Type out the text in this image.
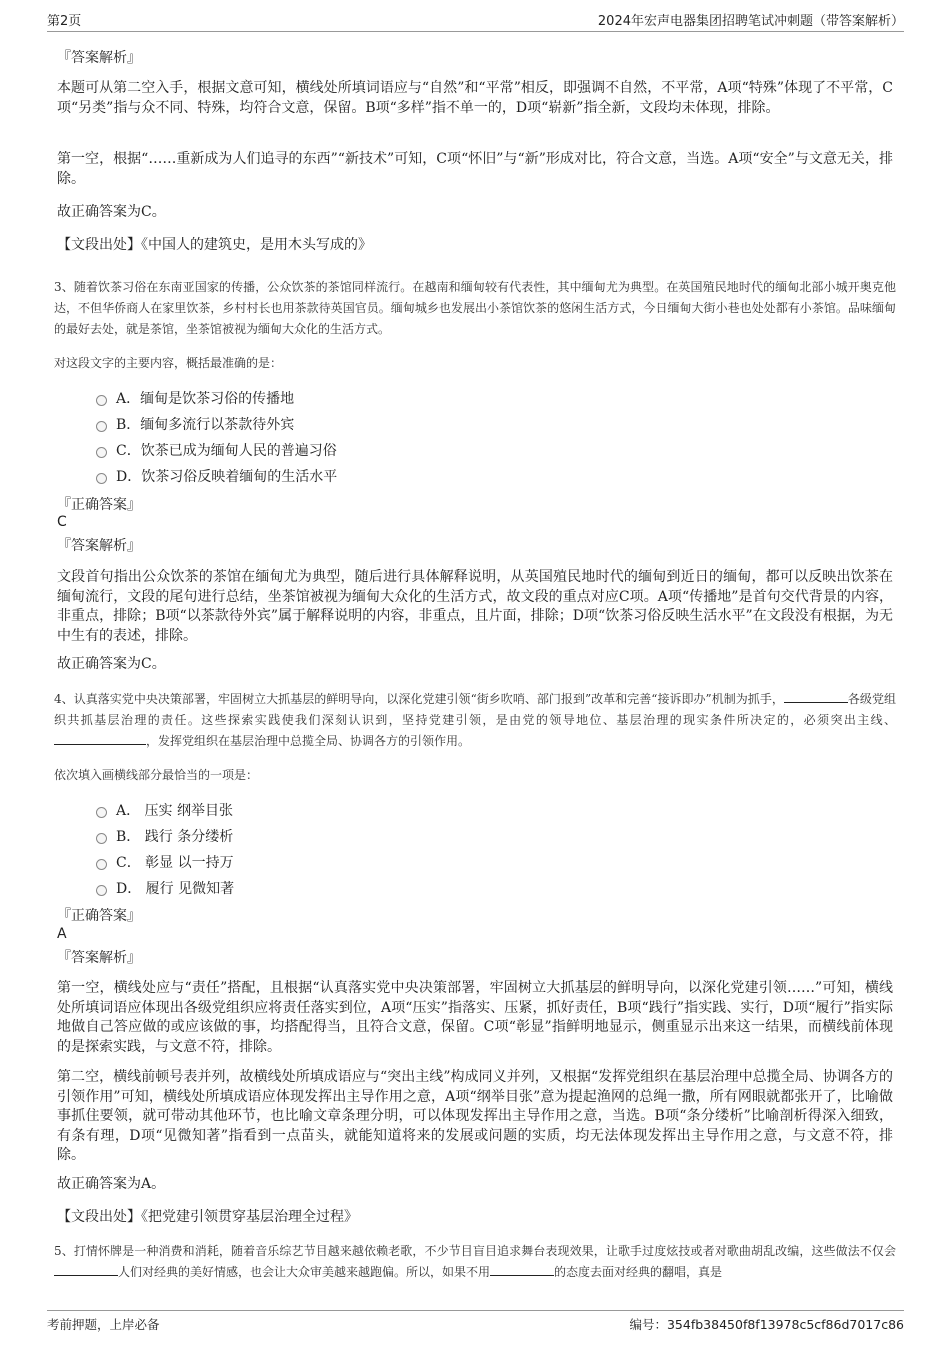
第2页	2024年宏声电器集团招聘笔试冲刺题（带答案解析）
『答案解析』
本题可从第二空入手，根据文意可知，横线处所填词语应与“自然”和“平常”相反，即强调不自然，不平常，A项“特殊”体现了不平常，C项“另类”指与众不同、特殊，均符合文意，保留。B项“多样”指不单一的，D项“崭新”指全新，文段均未体现，排除。
第一空，根据“……重新成为人们追寻的东西”“新技术”可知，C项“怀旧”与“新”形成对比，符合文意，当选。A项“安全”与文意无关，排除。
故正确答案为C。
【文段出处】《中国人的建筑史，是用木头写成的》
3、随着饮茶习俗在东南亚国家的传播，公众饮茶的茶馆同样流行。在越南和缅甸较有代表性，其中缅甸尤为典型。在英国殖民地时代的缅甸北部小城开奥克他达，不但华侨商人在家里饮茶，乡村村长也用茶款待英国官员。缅甸城乡也发展出小茶馆饮茶的悠闲生活方式，今日缅甸大街小巷也处处都有小茶馆。品味缅甸的最好去处，就是茶馆，坐茶馆被视为缅甸大众化的生活方式。
对这段文字的主要内容，概括最准确的是：
A．缅甸是饮茶习俗的传播地
B．缅甸多流行以茶款待外宾
C．饮茶已成为缅甸人民的普遍习俗
D．饮茶习俗反映着缅甸的生活水平
『正确答案』
C
『答案解析』
文段首句指出公众饮茶的茶馆在缅甸尤为典型，随后进行具体解释说明，从英国殖民地时代的缅甸到近日的缅甸，都可以反映出饮茶在缅甸流行，文段的尾句进行总结，坐茶馆被视为缅甸大众化的生活方式，故文段的重点对应C项。A项“传播地”是首句交代背景的内容，非重点，排除；B项“以茶款待外宾”属于解释说明的内容，非重点，且片面，排除；D项“饮茶习俗反映生活水平”在文段没有根据，为无中生有的表述，排除。
故正确答案为C。
4、认真落实党中央决策部署，牢固树立大抓基层的鲜明导向，以深化党建引领“街乡吹哨、部门报到”改革和完善“接诉即办”机制为抓手，	各级党组织共抓基层治理的责任。这些探索实践使我们深刻认识到，坚持党建引领，是由党的领导地位、基层治理的现实条件所决定的，必须突出主线、，发挥党组织在基层治理中总揽全局、协调各方的引领作用。
依次填入画横线部分最恰当的一项是：
A． 压实 纲举目张
B． 践行 条分缕析
C． 彰显 以一持万
D． 履行 见微知著
『正确答案』
A
『答案解析』
第一空，横线处应与“责任”搭配，且根据“认真落实党中央决策部署，牢固树立大抓基层的鲜明导向，以深化党建引领……”可知，横线处所填词语应体现出各级党组织应将责任落实到位，A项“压实”指落实、压紧，抓好责任，B项“践行”指实践、实行，D项“履行”指实际地做自己答应做的或应该做的事，均搭配得当，且符合文意，保留。C项“彰显”指鲜明地显示，侧重显示出来这一结果，而横线前体现的是探索实践，与文意不符，排除。
第二空，横线前顿号表并列，故横线处所填成语应与“突出主线”构成同义并列，又根据“发挥党组织在基层治理中总揽全局、协调各方的引领作用”可知，横线处所填成语应体现发挥出主导作用之意，A项“纲举目张”意为提起渔网的总绳一撒，所有网眼就都张开了，比喻做事抓住要领，就可带动其他环节，也比喻文章条理分明，可以体现发挥出主导作用之意，当选。B项“条分缕析”比喻剖析得深入细致，有条有理，D项“见微知著”指看到一点苗头，就能知道将来的发展或问题的实质，均无法体现发挥出主导作用之意，与文意不符，排除。
故正确答案为A。
【文段出处】《把党建引领贯穿基层治理全过程》
5、打情怀牌是一种消费和消耗，随着音乐综艺节目越来越依赖老歌，不少节目盲目追求舞台表现效果，让歌手过度炫技或者对歌曲胡乱改编，这些做法不仅会人们对经典的美好情感，也会让大众审美越来越跑偏。所以，如果不用	的态度去面对经典的翻唱，真是
考前押题，上岸必备	编号：354fb38450f8f13978c5cf86d7017c86
